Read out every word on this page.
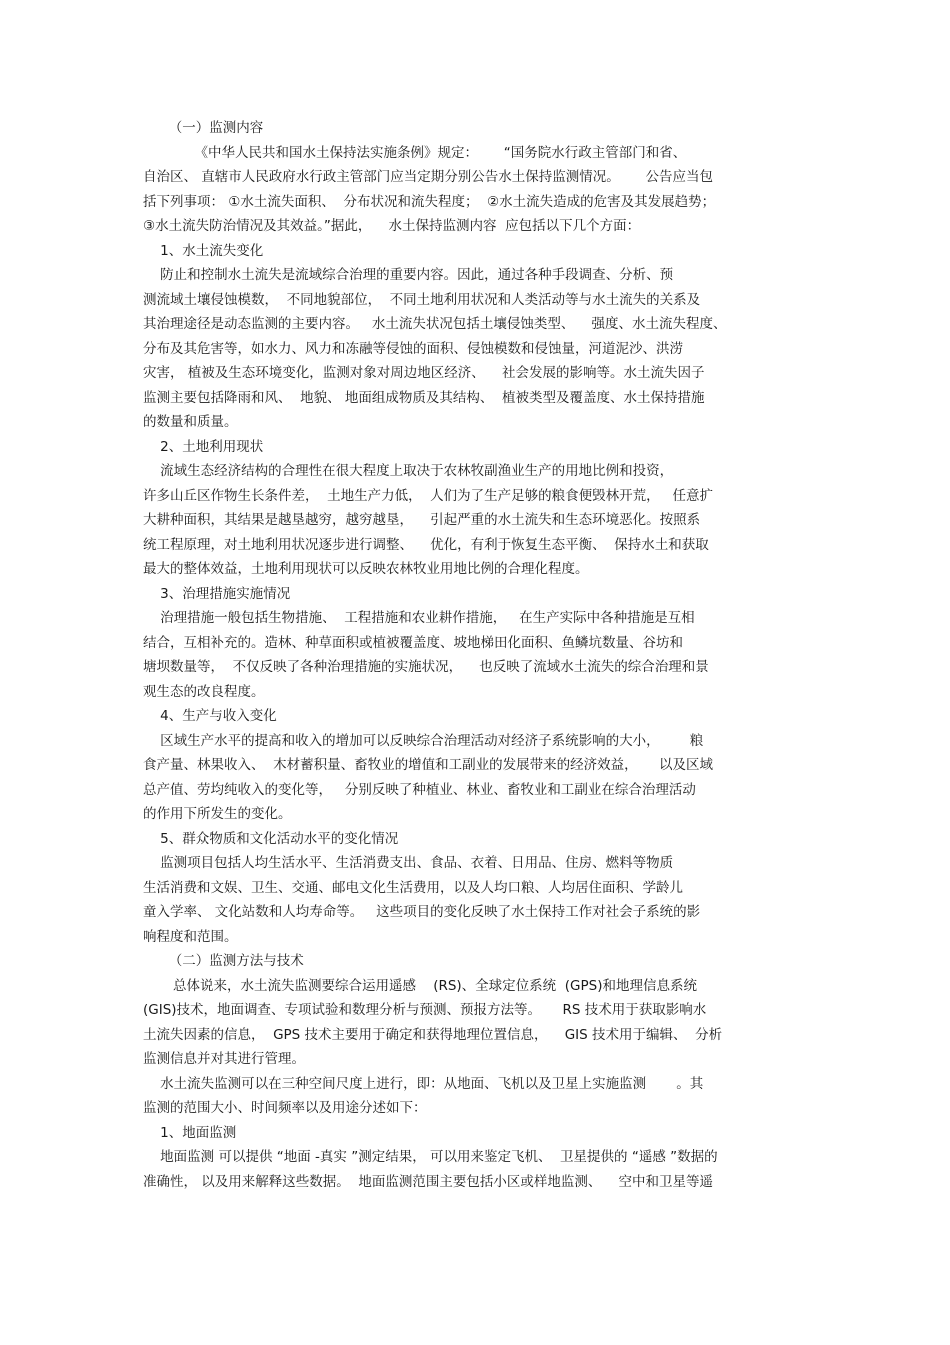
（一）监测内容
《中华人民共和国水土保持法实施条例》规定：      “国务院水行政主管部门和省、
自治区、 直辖市人民政府水行政主管部门应当定期分别公告水土保持监测情况。      公告应当包
括下列事项： ①水土流失面积、  分布状况和流失程度；  ②水土流失造成的危害及其发展趋势；
③水土流失防治情况及其效益。”据此，    水土保持监测内容  应包括以下几个方面：
1、水土流失变化
防止和控制水土流失是流域综合治理的重要内容。因此，通过各种手段调查、分析、预
测流域土壤侵蚀模数，  不同地貌部位，  不同土地利用状况和人类活动等与水土流失的关系及
其治理途径是动态监测的主要内容。   水土流失状况包括土壤侵蚀类型、    强度、水土流失程度、
分布及其危害等，如水力、风力和冻融等侵蚀的面积、侵蚀模数和侵蚀量，河道泥沙、洪涝
灾害， 植被及生态环境变化，监测对象对周边地区经济、    社会发展的影响等。水土流失因子
监测主要包括降雨和风、  地貌、 地面组成物质及其结构、  植被类型及覆盖度、水土保持措施
的数量和质量。
2、土地利用现状
流域生态经济结构的合理性在很大程度上取决于农林牧副渔业生产的用地比例和投资，
许多山丘区作物生长条件差，  土地生产力低，  人们为了生产足够的粮食便毁林开荒，   任意扩
大耕种面积，其结果是越垦越穷，越穷越垦，    引起严重的水土流失和生态环境恶化。按照系
统工程原理，对土地利用状况逐步进行调整、    优化，有利于恢复生态平衡、  保持水土和获取
最大的整体效益，土地利用现状可以反映农林牧业用地比例的合理化程度。
3、治理措施实施情况
治理措施一般包括生物措施、  工程措施和农业耕作措施，   在生产实际中各种措施是互相
结合，互相补充的。造林、种草面积或植被覆盖度、坡地梯田化面积、鱼鳞坑数量、谷坊和
塘坝数量等，  不仅反映了各种治理措施的实施状况，    也反映了流域水土流失的综合治理和景
观生态的改良程度。
4、生产与收入变化
区域生产水平的提高和收入的增加可以反映综合治理活动对经济子系统影响的大小，       粮
食产量、林果收入、  木材蓄积量、畜牧业的增值和工副业的发展带来的经济效益，     以及区域
总产值、劳均纯收入的变化等，   分别反映了种植业、林业、畜牧业和工副业在综合治理活动
的作用下所发生的变化。
5、群众物质和文化活动水平的变化情况
监测项目包括人均生活水平、生活消费支出、食品、衣着、日用品、住房、燃料等物质
生活消费和文娱、卫生、交通、邮电文化生活费用，以及人均口粮、人均居住面积、学龄儿
童入学率、 文化站数和人均寿命等。   这些项目的变化反映了水土保持工作对社会子系统的影
响程度和范围。
（二）监测方法与技术
总体说来，水土流失监测要综合运用遥感    (RS)、全球定位系统  (GPS)和地理信息系统
(GIS)技术，地面调查、专项试验和数理分析与预测、预报方法等。     RS 技术用于获取影响水
土流失因素的信息，  GPS 技术主要用于确定和获得地理位置信息，    GIS 技术用于编辑、  分析
监测信息并对其进行管理。
水土流失监测可以在三种空间尺度上进行，即：从地面、飞机以及卫星上实施监测       。其
监测的范围大小、时间频率以及用途分述如下：
1、地面监测
地面监测 可以提供 “地面 -真实 ”测定结果， 可以用来鉴定飞机、  卫星提供的 “遥感 ”数据的
准确性， 以及用来解释这些数据。  地面监测范围主要包括小区或样地监测、    空中和卫星等遥
